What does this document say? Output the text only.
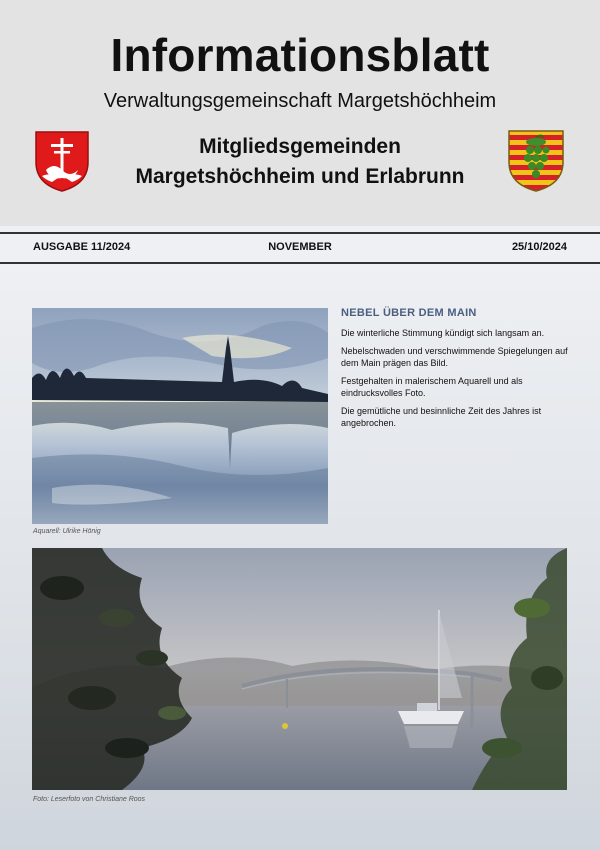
Informationsblatt
Verwaltungsgemeinschaft Margetshöchheim
Mitgliedsgemeinden
Margetshöchheim und Erlabrunn
NOVEMBER
AUSGABE 11/2024	25/10/2024
Aquarell: Ulrike Hönig
NEBEL ÜBER DEM MAIN

Die winterliche Stimmung kündigt sich langsam an.

Nebelschwaden und verschwimmende Spiegelungen auf dem Main prägen das Bild.

Festgehalten in malerischem Aquarell und als eindrucksvolles Foto.

Die gemütliche und besinnliche Zeit des Jahres ist angebrochen.

Foto: Leserfoto von Christiane Roos
